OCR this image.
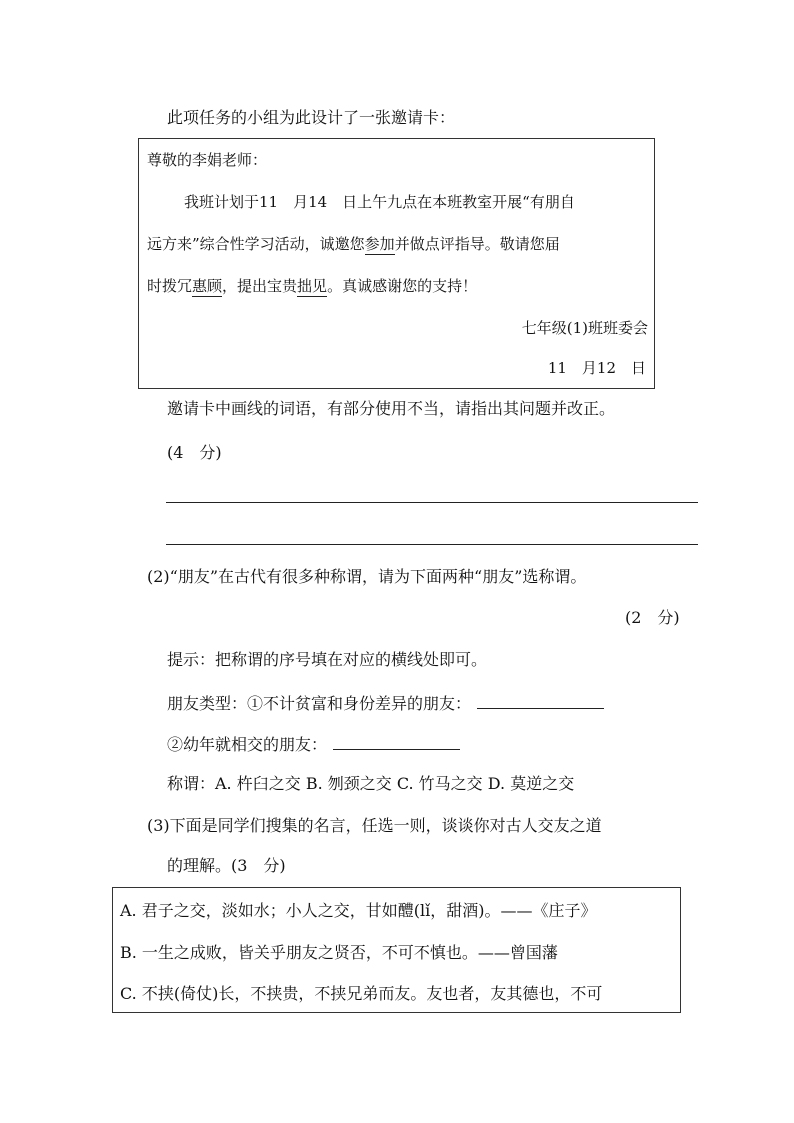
此项任务的小组为此设计了一张邀请卡：
尊敬的李娟老师：
我班计划于11　月14　日上午九点在本班教室开展“有朋自
远方来”综合性学习活动，诚邀您参加并做点评指导。敬请您届
时拨冗惠顾，提出宝贵拙见。真诚感谢您的支持！
七年级(1)班班委会
11　月12　日
邀请卡中画线的词语，有部分使用不当，请指出其问题并改正。
(4　分)
(2)“朋友”在古代有很多种称谓，请为下面两种“朋友”选称谓。
(2　分)
提示：把称谓的序号填在对应的横线处即可。
朋友类型：①不计贫富和身份差异的朋友：
②幼年就相交的朋友：
称谓：A. 杵臼之交 B. 刎颈之交 C. 竹马之交 D. 莫逆之交
(3)下面是同学们搜集的名言，任选一则，谈谈你对古人交友之道
的理解。(3　分)
A. 君子之交，淡如水；小人之交，甘如醴(lǐ，甜酒)。——《庄子》
B. 一生之成败，皆关乎朋友之贤否，不可不慎也。——曾国藩
C. 不挟(倚仗)长，不挟贵，不挟兄弟而友。友也者，友其德也，不可
